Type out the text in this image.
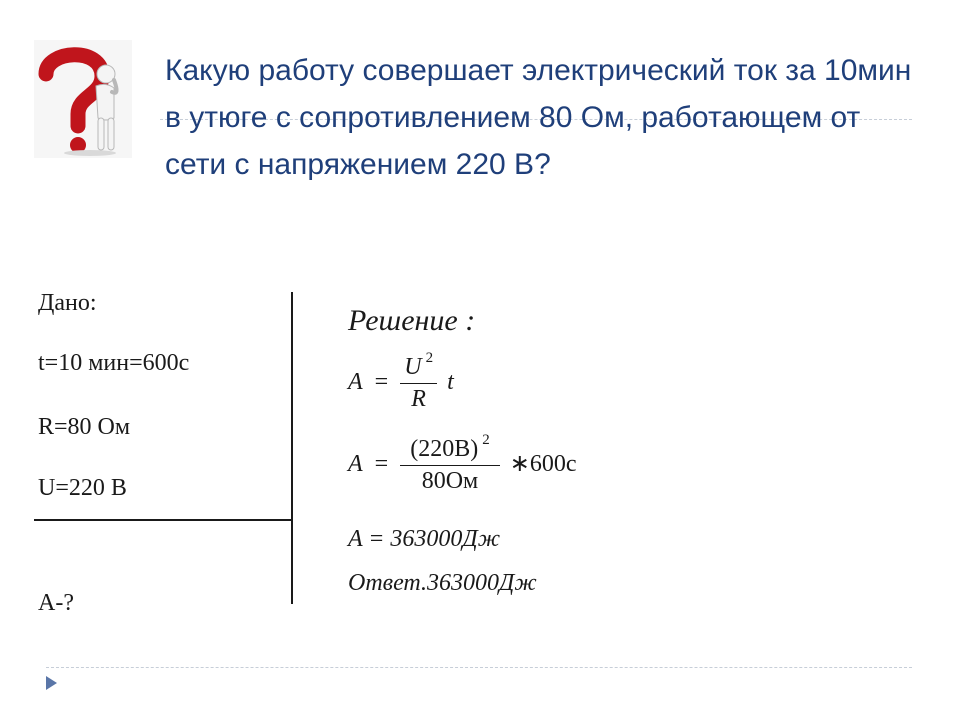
Какую работу совершает электрический ток за 10мин в утюге с сопротивлением 80 Ом, работающем от сети с напряжением 220 В?

Дано:
t=10 мин=600с
R=80 Ом
U=220 В
А-?
Решение :
$A = \frac{U ^2}{R}$ t
$A = \frac{(220B) ^2}{80Ом}$ ∗600с
A = 363000Дж
Ответ.363000Дж
